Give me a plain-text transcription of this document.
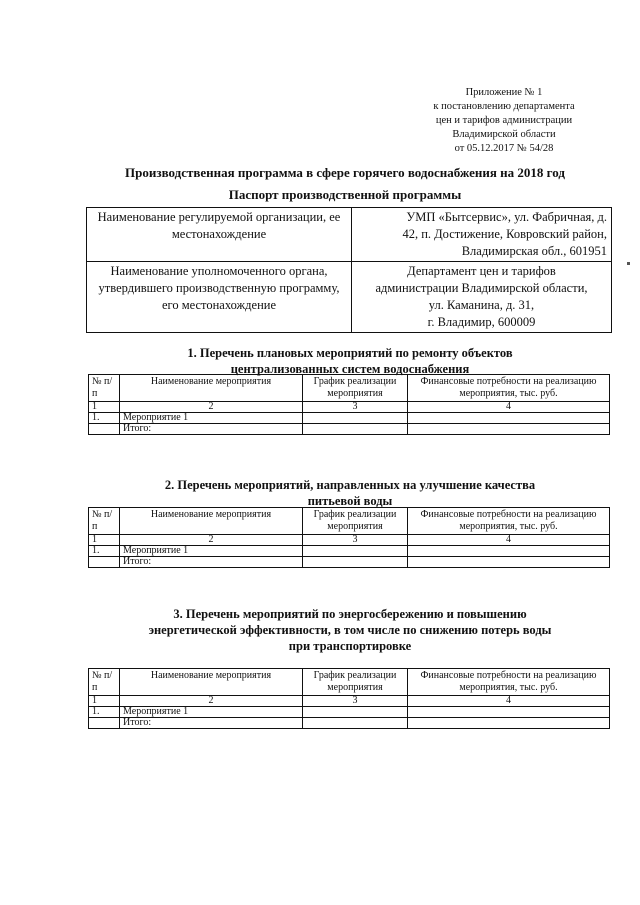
Приложение № 1
к постановлению департамента
цен и тарифов администрации
Владимирской области
от 05.12.2017 № 54/28
Производственная программа в сфере горячего водоснабжения на 2018 год
Паспорт производственной программы
Наименование регулируемой организации, ее местонахождение	УМП «Бытсервис», ул. Фабричная, д.
42, п. Достижение, Ковровский район,
Владимирская обл., 601951

Наименование уполномоченного органа, утвердившего производственную программу, его местонахождение	Департамент цен и тарифов
администрации Владимирской области,
ул. Каманина, д. 31,
г. Владимир, 600009
1. Перечень плановых мероприятий по ремонту объектов
централизованных систем водоснабжения
№ п/п	Наименование мероприятия	График реализации мероприятия	Финансовые потребности на реализацию мероприятия, тыс. руб.
1	2	3	4
1.	Мероприятие 1		
	Итого:		
2. Перечень мероприятий, направленных на улучшение качества
питьевой воды
№ п/п	Наименование мероприятия	График реализации мероприятия	Финансовые потребности на реализацию мероприятия, тыс. руб.
1	2	3	4
1.	Мероприятие 1		
	Итого:		
3. Перечень мероприятий по энергосбережению и повышению
энергетической эффективности, в том числе по снижению потерь воды
при транспортировке
№ п/п	Наименование мероприятия	График реализации мероприятия	Финансовые потребности на реализацию мероприятия, тыс. руб.
1	2	3	4
1.	Мероприятие 1		
	Итого:		
